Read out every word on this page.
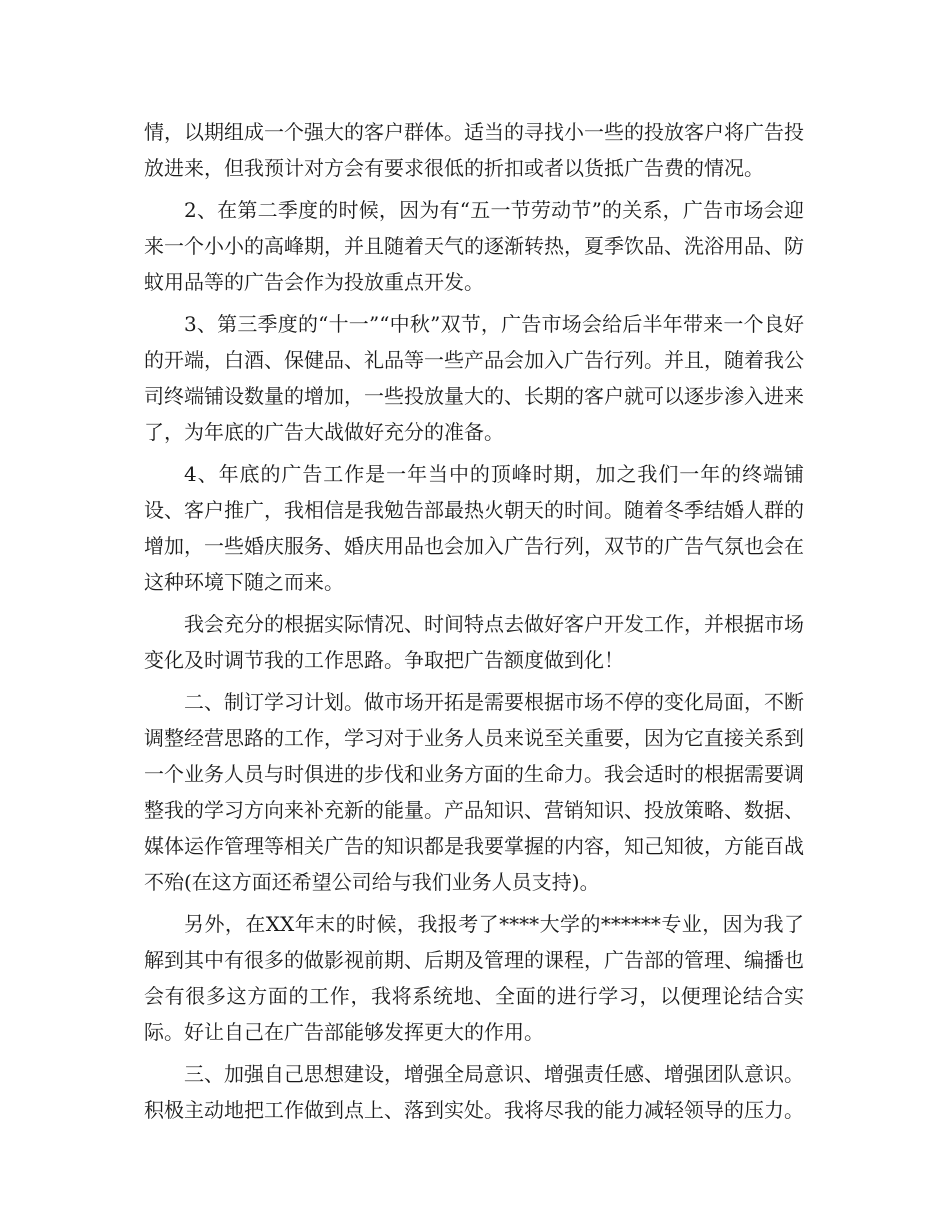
情，以期组成一个强大的客户群体。适当的寻找小一些的投放客户将广告投放进来，但我预计对方会有要求很低的折扣或者以货抵广告费的情况。

2、在第二季度的时候，因为有“五一节劳动节”的关系，广告市场会迎来一个小小的高峰期，并且随着天气的逐渐转热，夏季饮品、洗浴用品、防蚊用品等的广告会作为投放重点开发。

3、第三季度的“十一”“中秋”双节，广告市场会给后半年带来一个良好的开端，白酒、保健品、礼品等一些产品会加入广告行列。并且，随着我公司终端铺设数量的增加，一些投放量大的、长期的客户就可以逐步渗入进来了，为年底的广告大战做好充分的准备。

4、年底的广告工作是一年当中的顶峰时期，加之我们一年的终端铺设、客户推广，我相信是我勉告部最热火朝天的时间。随着冬季结婚人群的增加，一些婚庆服务、婚庆用品也会加入广告行列，双节的广告气氛也会在这种环境下随之而来。

我会充分的根据实际情况、时间特点去做好客户开发工作，并根据市场变化及时调节我的工作思路。争取把广告额度做到化！

二、制订学习计划。做市场开拓是需要根据市场不停的变化局面，不断调整经营思路的工作，学习对于业务人员来说至关重要，因为它直接关系到一个业务人员与时俱进的步伐和业务方面的生命力。我会适时的根据需要调整我的学习方向来补充新的能量。产品知识、营销知识、投放策略、数据、媒体运作管理等相关广告的知识都是我要掌握的内容，知己知彼，方能百战不殆(在这方面还希望公司给与我们业务人员支持)。

另外，在XX年末的时候，我报考了****大学的******专业，因为我了解到其中有很多的做影视前期、后期及管理的课程，广告部的管理、编播也会有很多这方面的工作，我将系统地、全面的进行学习，以便理论结合实际。好让自己在广告部能够发挥更大的作用。

三、加强自己思想建设，增强全局意识、增强责任感、增强团队意识。积极主动地把工作做到点上、落到实处。我将尽我的能力减轻领导的压力。
